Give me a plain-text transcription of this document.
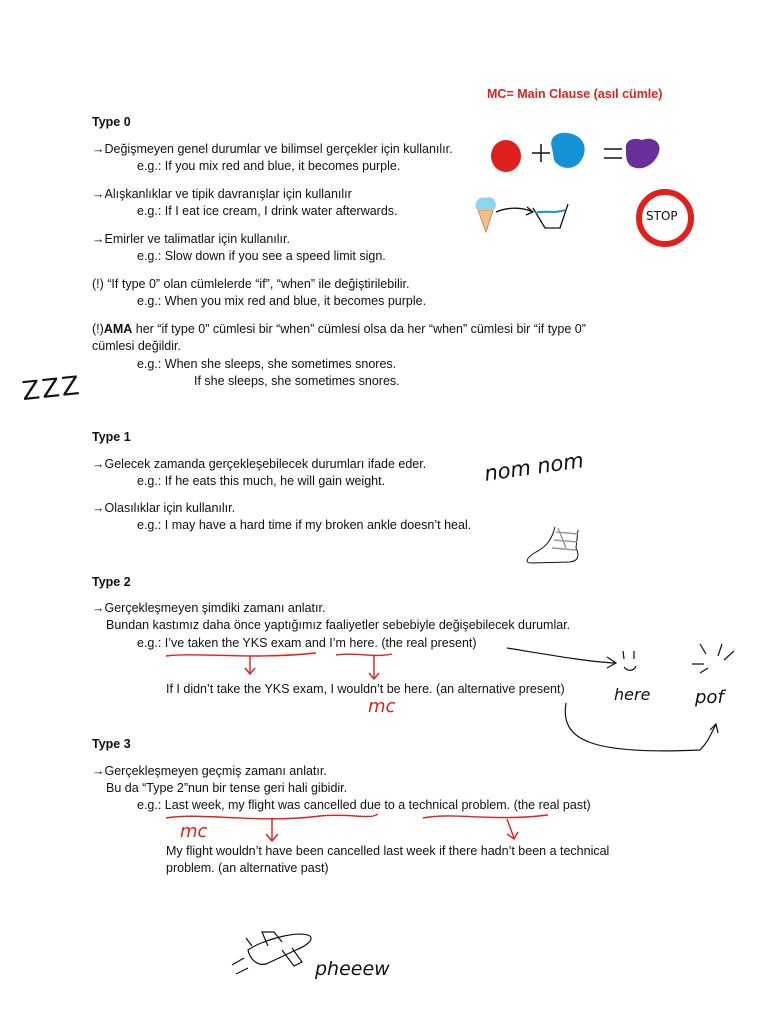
MC= Main Clause (asıl cümle)
Type 0
→Değişmeyen genel durumlar ve bilimsel gerçekler için kullanılır.
e.g.: If you mix red and blue, it becomes purple.
→Alışkanlıklar ve tipik davranışlar için kullanılır
e.g.: If I eat ice cream, I drink water afterwards.
→Emirler ve talimatlar için kullanılır.
e.g.: Slow down if you see a speed limit sign.
(!) “If type 0” olan cümlelerde “if”, “when” ile değiştirilebilir.
e.g.: When you mix red and blue, it becomes purple.
(!)AMA her “if type 0” cümlesi bir “when” cümlesi olsa da her “when” cümlesi bir “if type 0”
cümlesi değildir.
e.g.: When she sleeps, she sometimes snores.
If she sleeps, she sometimes snores.
Type 1
→Gelecek zamanda gerçekleşebilecek durumları ifade eder.
e.g.: If he eats this much, he will gain weight.
→Olasılıklar için kullanılır.
e.g.: I may have a hard time if my broken ankle doesn’t heal.
Type 2
→Gerçekleşmeyen şimdiki zamanı anlatır.
Bundan kastımız daha önce yaptığımız faaliyetler sebebiyle değişebilecek durumlar.
e.g.: I’ve taken the YKS exam and I’m here. (the real present)
If I didn’t take the YKS exam, I wouldn’t be here. (an alternative present)
Type 3
→Gerçekleşmeyen geçmiş zamanı anlatır.
Bu da “Type 2”nun bir tense geri hali gibidir.
e.g.: Last week, my flight was cancelled due to a technical problem. (the real past)
My flight wouldn’t have been cancelled last week if there hadn’t been a technical
problem. (an alternative past)
ZZZ
nom nom
STOP
here pof
mc
mc
pheeew
